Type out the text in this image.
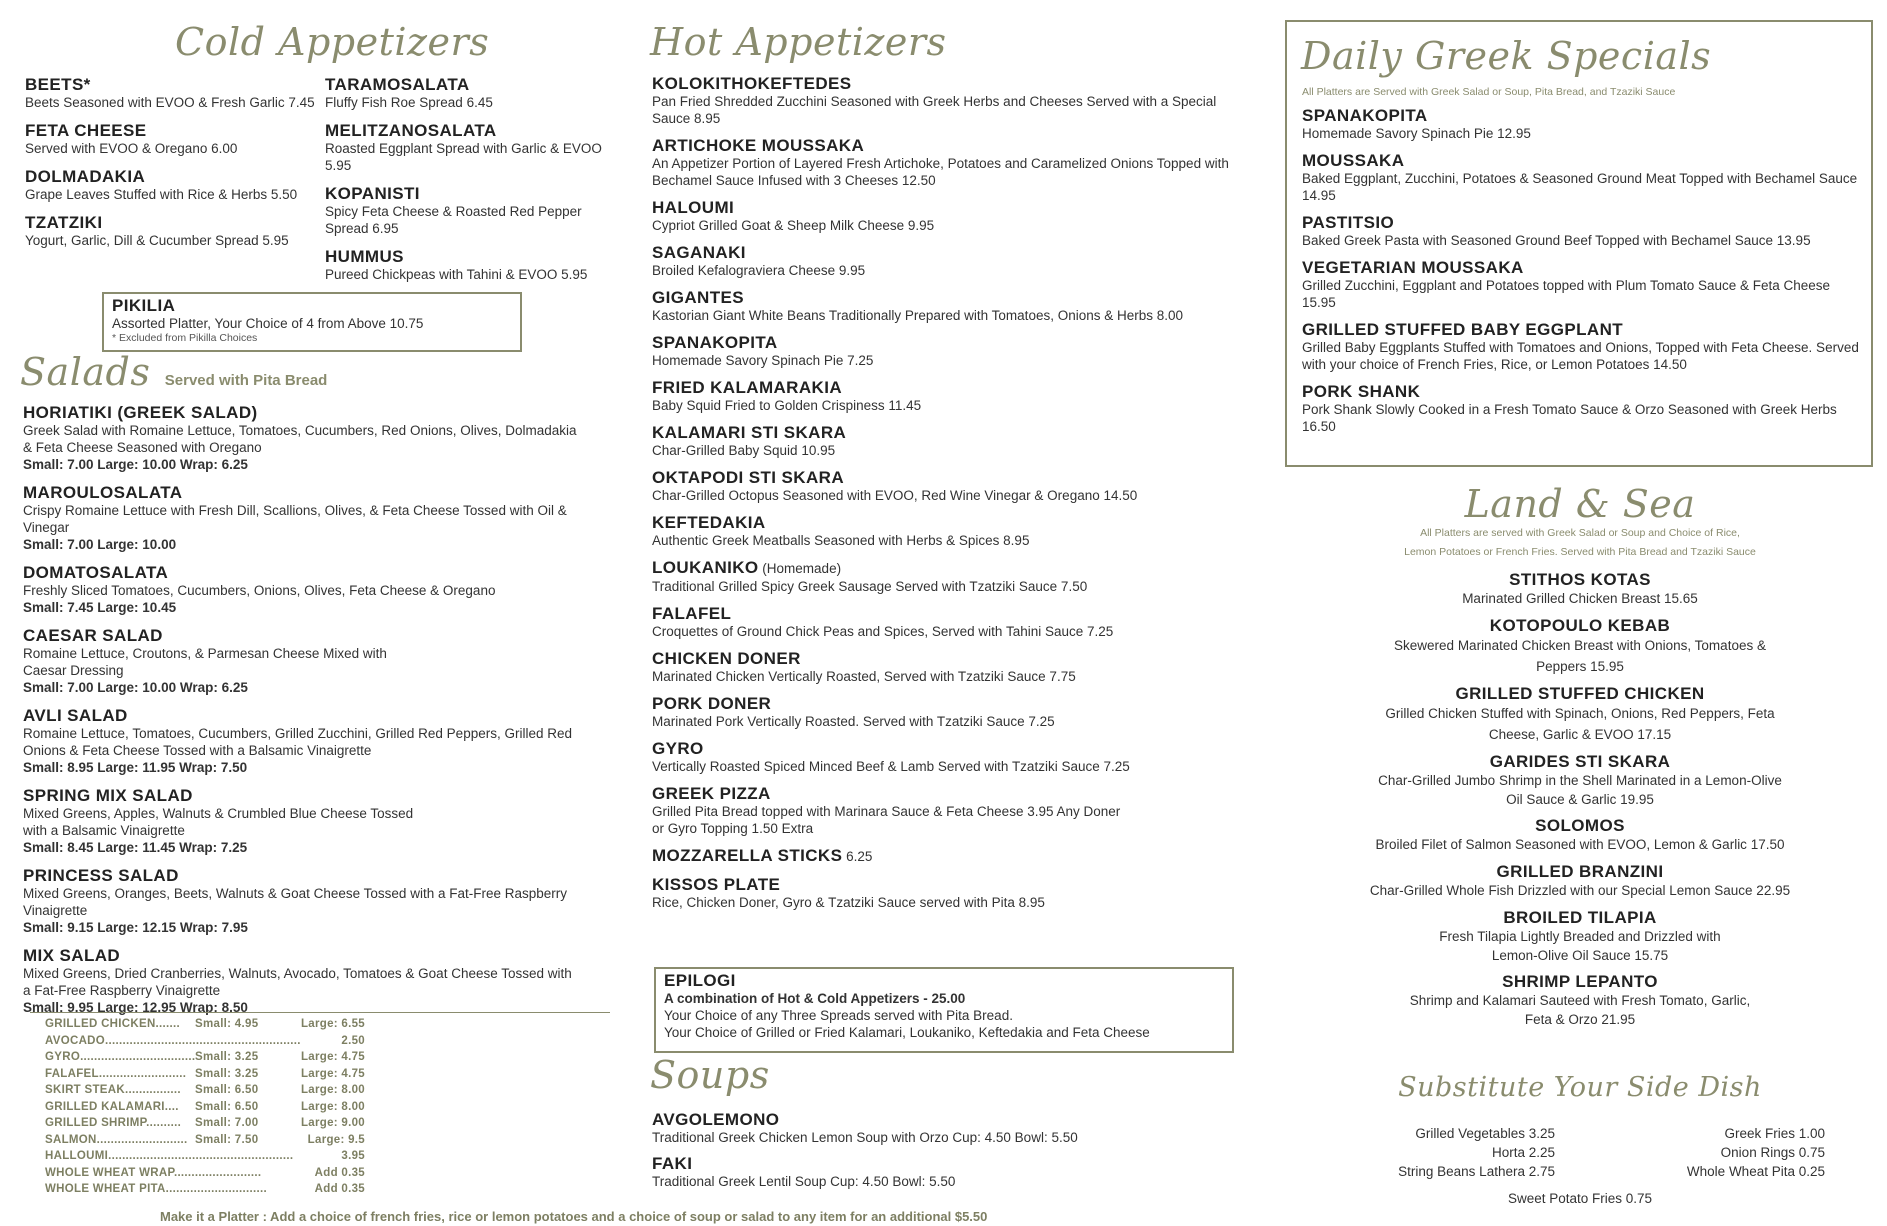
Cold Appetizers
BEETS*
Beets Seasoned with EVOO & Fresh Garlic 7.45
FETA CHEESE
Served with EVOO & Oregano 6.00
DOLMADAKIA
Grape Leaves Stuffed with Rice & Herbs 5.50
TZATZIKI
Yogurt, Garlic, Dill & Cucumber Spread 5.95
TARAMOSALATA
Fluffy Fish Roe Spread 6.45
MELITZANOSALATA
Roasted Eggplant Spread with Garlic & EVOO 5.95
KOPANISTI
Spicy Feta Cheese & Roasted Red Pepper Spread 6.95
HUMMUS
Pureed Chickpeas with Tahini & EVOO 5.95
PIKILIA
Assorted Platter, Your Choice of 4 from Above 10.75
* Excluded from Pikilla Choices
Salads Served with Pita Bread
HORIATIKI (GREEK SALAD)
Greek Salad with Romaine Lettuce, Tomatoes, Cucumbers, Red Onions, Olives, Dolmadakia & Feta Cheese Seasoned with Oregano
Small: 7.00 Large: 10.00 Wrap: 6.25
MAROULOSALATA
Crispy Romaine Lettuce with Fresh Dill, Scallions, Olives, & Feta Cheese Tossed with Oil & Vinegar
Small: 7.00 Large: 10.00
DOMATOSALATA
Freshly Sliced Tomatoes, Cucumbers, Onions, Olives, Feta Cheese & Oregano
Small: 7.45 Large: 10.45
CAESAR SALAD
Romaine Lettuce, Croutons, & Parmesan Cheese Mixed with Caesar Dressing
Small: 7.00 Large: 10.00 Wrap: 6.25
AVLI SALAD
Romaine Lettuce, Tomatoes, Cucumbers, Grilled Zucchini, Grilled Red Peppers, Grilled Red Onions & Feta Cheese Tossed with a Balsamic Vinaigrette
Small: 8.95 Large: 11.95 Wrap: 7.50
SPRING MIX SALAD
Mixed Greens, Apples, Walnuts & Crumbled Blue Cheese Tossed with a Balsamic Vinaigrette
Small: 8.45 Large: 11.45 Wrap: 7.25
PRINCESS SALAD
Mixed Greens, Oranges, Beets, Walnuts & Goat Cheese Tossed with a Fat-Free Raspberry Vinaigrette
Small: 9.15 Large: 12.15 Wrap: 7.95
MIX SALAD
Mixed Greens, Dried Cranberries, Walnuts, Avocado, Tomatoes & Goat Cheese Tossed with a Fat-Free Raspberry Vinaigrette
Small: 9.95 Large: 12.95 Wrap: 8.50
GRILLED CHICKEN.......	Small: 4.95	Large: 6.55
AVOCADO........................................................	2.50
GYRO................................. Small: 3.25	Large: 4.75
FALAFEL......................... Small: 3.25	Large: 4.75
SKIRT STEAK................	Small: 6.50	Large: 8.00
GRILLED KALAMARI....	Small: 6.50	Large: 8.00
GRILLED SHRIMP..........	Small: 7.00	Large: 9.00
SALMON.......................... Small: 7.50	Large: 9.5
HALLOUMI.....................................................	3.95
WHOLE WHEAT WRAP.........................	Add 0.35
WHOLE WHEAT PITA.............................	Add 0.35
Hot Appetizers
KOLOKITHOKEFTEDES
Pan Fried Shredded Zucchini Seasoned with Greek Herbs and Cheeses Served with a Special Sauce 8.95
ARTICHOKE MOUSSAKA
An Appetizer Portion of Layered Fresh Artichoke, Potatoes and Caramelized Onions Topped with Bechamel Sauce Infused with 3 Cheeses 12.50
HALOUMI
Cypriot Grilled Goat & Sheep Milk Cheese 9.95
SAGANAKI
Broiled Kefalograviera Cheese 9.95
GIGANTES
Kastorian Giant White Beans Traditionally Prepared with Tomatoes, Onions & Herbs 8.00
SPANAKOPITA
Homemade Savory Spinach Pie 7.25
FRIED KALAMARAKIA
Baby Squid Fried to Golden Crispiness 11.45
KALAMARI STI SKARA
Char-Grilled Baby Squid 10.95
OKTAPODI STI SKARA
Char-Grilled Octopus Seasoned with EVOO, Red Wine Vinegar & Oregano 14.50
KEFTEDAKIA
Authentic Greek Meatballs Seasoned with Herbs & Spices 8.95
LOUKANIKO (Homemade)
Traditional Grilled Spicy Greek Sausage Served with Tzatziki Sauce 7.50
FALAFEL
Croquettes of Ground Chick Peas and Spices, Served with Tahini Sauce 7.25
CHICKEN DONER
Marinated Chicken Vertically Roasted, Served with Tzatziki Sauce 7.75
PORK DONER
Marinated Pork Vertically Roasted. Served with Tzatziki Sauce 7.25
GYRO
Vertically Roasted Spiced Minced Beef & Lamb Served with Tzatziki Sauce 7.25
GREEK PIZZA
Grilled Pita Bread topped with Marinara Sauce & Feta Cheese 3.95 Any Doner or Gyro Topping 1.50 Extra
MOZZARELLA STICKS 6.25
KISSOS PLATE
Rice, Chicken Doner, Gyro & Tzatziki Sauce served with Pita 8.95
EPILOGI
A combination of Hot & Cold Appetizers - 25.00
Your Choice of any Three Spreads served with Pita Bread.
Your Choice of Grilled or Fried Kalamari, Loukaniko, Keftedakia and Feta Cheese
Soups
AVGOLEMONO
Traditional Greek Chicken Lemon Soup with Orzo Cup: 4.50 Bowl: 5.50
FAKI
Traditional Greek Lentil Soup Cup: 4.50 Bowl: 5.50
Make it a Platter : Add a choice of french fries, rice or lemon potatoes and a choice of soup or salad to any item for an additional $5.50
Daily Greek Specials
All Platters are Served with Greek Salad or Soup, Pita Bread, and Tzaziki Sauce
SPANAKOPITA
Homemade Savory Spinach Pie 12.95
MOUSSAKA
Baked Eggplant, Zucchini, Potatoes & Seasoned Ground Meat Topped with Bechamel Sauce 14.95
PASTITSIO
Baked Greek Pasta with Seasoned Ground Beef Topped with Bechamel Sauce 13.95
VEGETARIAN MOUSSAKA
Grilled Zucchini, Eggplant and Potatoes topped with Plum Tomato Sauce & Feta Cheese 15.95
GRILLED STUFFED BABY EGGPLANT
Grilled Baby Eggplants Stuffed with Tomatoes and Onions, Topped with Feta Cheese. Served with your choice of French Fries, Rice, or Lemon Potatoes 14.50
PORK SHANK
Pork Shank Slowly Cooked in a Fresh Tomato Sauce & Orzo Seasoned with Greek Herbs 16.50
Land & Sea
All Platters are served with Greek Salad or Soup and Choice of Rice,
Lemon Potatoes or French Fries. Served with Pita Bread and Tzaziki Sauce
STITHOS KOTAS
Marinated Grilled Chicken Breast 15.65
KOTOPOULO KEBAB
Skewered Marinated Chicken Breast with Onions, Tomatoes & Peppers 15.95
GRILLED STUFFED CHICKEN
Grilled Chicken Stuffed with Spinach, Onions, Red Peppers, Feta Cheese, Garlic & EVOO 17.15
GARIDES STI SKARA
Char-Grilled Jumbo Shrimp in the Shell Marinated in a Lemon-Olive Oil Sauce & Garlic 19.95
SOLOMOS
Broiled Filet of Salmon Seasoned with EVOO, Lemon & Garlic 17.50
GRILLED BRANZINI
Char-Grilled Whole Fish Drizzled with our Special Lemon Sauce 22.95
BROILED TILAPIA
Fresh Tilapia Lightly Breaded and Drizzled with Lemon-Olive Oil Sauce 15.75
SHRIMP LEPANTO
Shrimp and Kalamari Sauteed with Fresh Tomato, Garlic, Feta & Orzo 21.95
Substitute Your Side Dish
Grilled Vegetables 3.25
Horta 2.25
String Beans Lathera 2.75
Greek Fries 1.00
Onion Rings 0.75
Whole Wheat Pita 0.25
Sweet Potato Fries 0.75
